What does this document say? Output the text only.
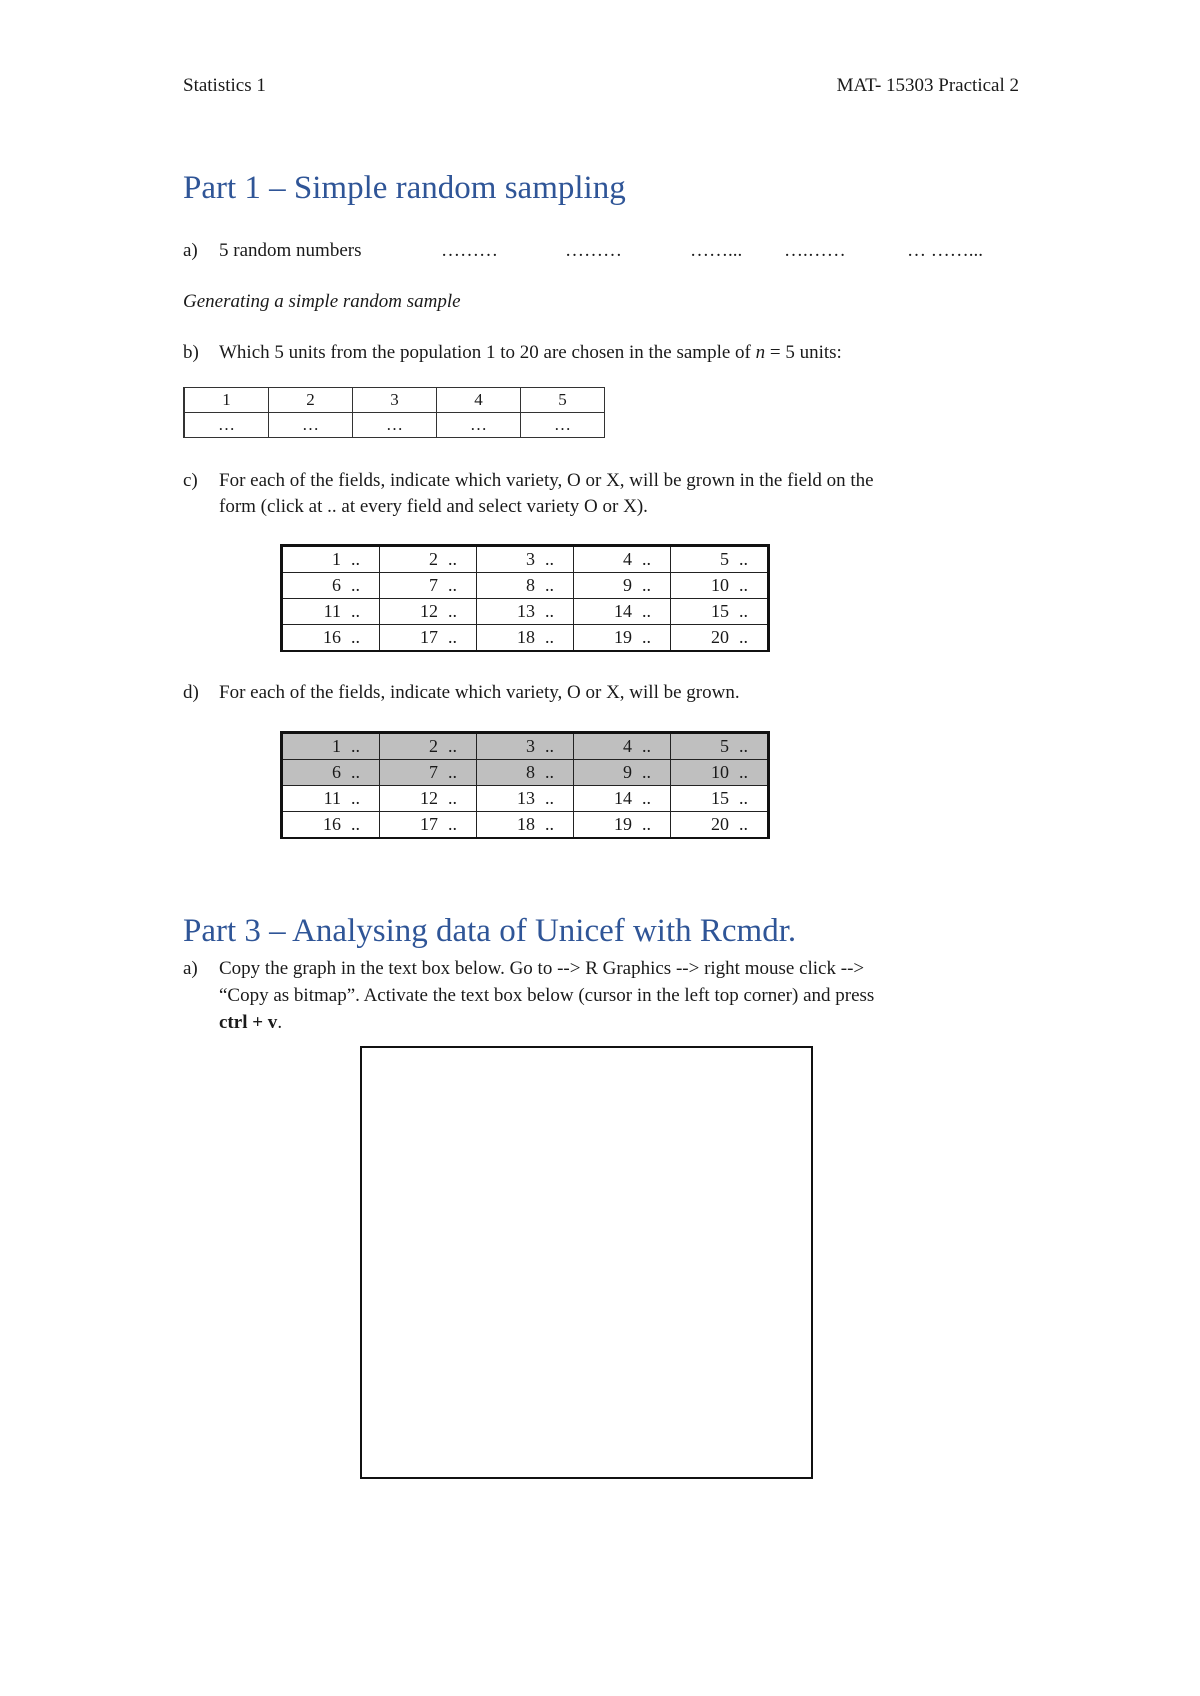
Statistics 1	MAT- 15303 Practical 2
Part 1 – Simple random sampling
a) 5 random numbers	………	………	……... ….……	… ……...
Generating a simple random sample
b) Which 5 units from the population 1 to 20 are chosen in the sample of n = 5 units:
1	2	3	4	5
…	…	…	…	…
c) For each of the fields, indicate which variety, O or X, will be grown in the field on the
form (click at .. at every field and select variety O or X).
1 ..	2 ..	3 ..	4 ..	5 ..
6 ..	7 ..	8 ..	9 ..	10 ..
11 ..	12 ..	13 ..	14 ..	15 ..
16 ..	17 ..	18 ..	19 ..	20 ..
d) For each of the fields, indicate which variety, O or X, will be grown.
1 ..	2 ..	3 ..	4 ..	5 ..
6 ..	7 ..	8 ..	9 ..	10 ..
11 ..	12 ..	13 ..	14 ..	15 ..
16 ..	17 ..	18 ..	19 ..	20 ..
Part 3 – Analysing data of Unicef with Rcmdr.
a) Copy the graph in the text box below. Go to --> R Graphics --> right mouse click -->
“Copy as bitmap”. Activate the text box below (cursor in the left top corner) and press
ctrl + v.
